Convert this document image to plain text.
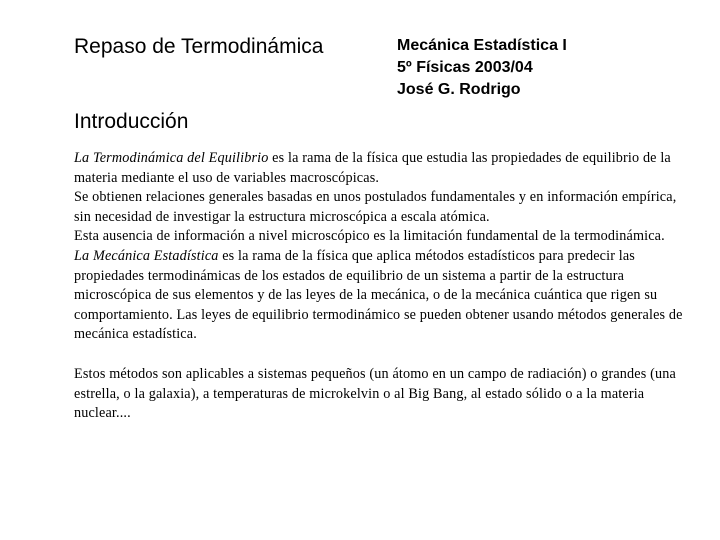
Repaso de Termodinámica	Mecánica Estadística I
5º Físicas 2003/04
José G. Rodrigo
Introducción

La Termodinámica del Equilibrio es la rama de la física que estudia las propiedades de equilibrio de la materia mediante el uso de variables macroscópicas.

Se obtienen relaciones generales basadas en unos postulados fundamentales y en información empírica, sin necesidad de investigar la estructura microscópica a escala atómica.

Esta ausencia de información a nivel microscópico es la limitación fundamental de la termodinámica.

La Mecánica Estadística es la rama de la física que aplica métodos estadísticos para predecir las propiedades termodinámicas de los estados de equilibrio de un sistema a partir de la estructura microscópica de sus elementos y de las leyes de la mecánica, o de la mecánica cuántica que rigen su comportamiento. Las leyes de equilibrio termodinámico se pueden obtener usando métodos generales de mecánica estadística.

Estos métodos son aplicables a sistemas pequeños (un átomo en un campo de radiación) o grandes (una estrella, o la galaxia), a temperaturas de microkelvin o al Big Bang, al estado sólido o a la materia nuclear....
